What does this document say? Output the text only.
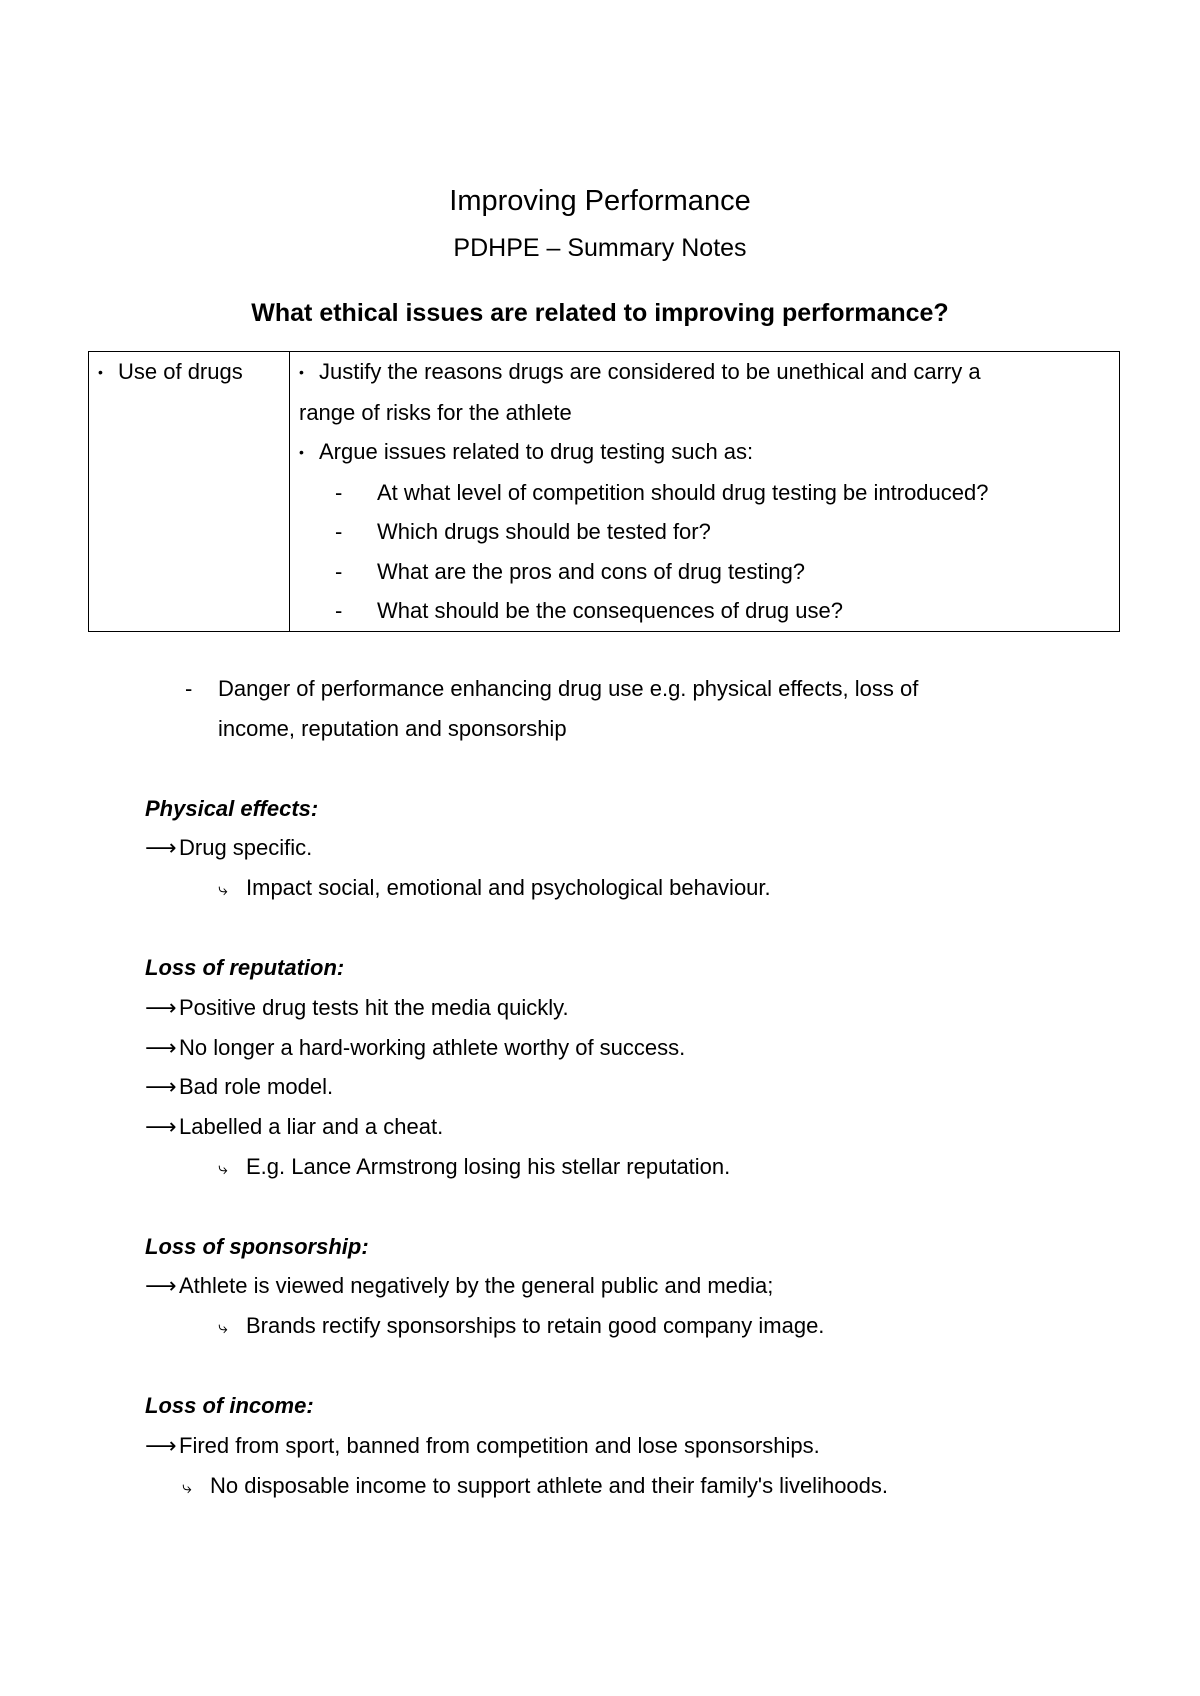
Improving Performance
PDHPE – Summary Notes
What ethical issues are related to improving performance?
• Use of drugs	• Justify the reasons drugs are considered to be unethical and carry a
range of risks for the athlete
• Argue issues related to drug testing such as:
- At what level of competition should drug testing be introduced?
- Which drugs should be tested for?
- What are the pros and cons of drug testing?
- What should be the consequences of drug use?
- Danger of performance enhancing drug use e.g. physical effects, loss of
income, reputation and sponsorship
Physical effects:
⟶ Drug specific.
⤷ Impact social, emotional and psychological behaviour.
Loss of reputation:
⟶ Positive drug tests hit the media quickly.
⟶ No longer a hard-working athlete worthy of success.
⟶ Bad role model.
⟶ Labelled a liar and a cheat.
⤷ E.g. Lance Armstrong losing his stellar reputation.
Loss of sponsorship:
⟶ Athlete is viewed negatively by the general public and media;
⤷ Brands rectify sponsorships to retain good company image.
Loss of income:
⟶ Fired from sport, banned from competition and lose sponsorships.
⤷ No disposable income to support athlete and their family's livelihoods.
